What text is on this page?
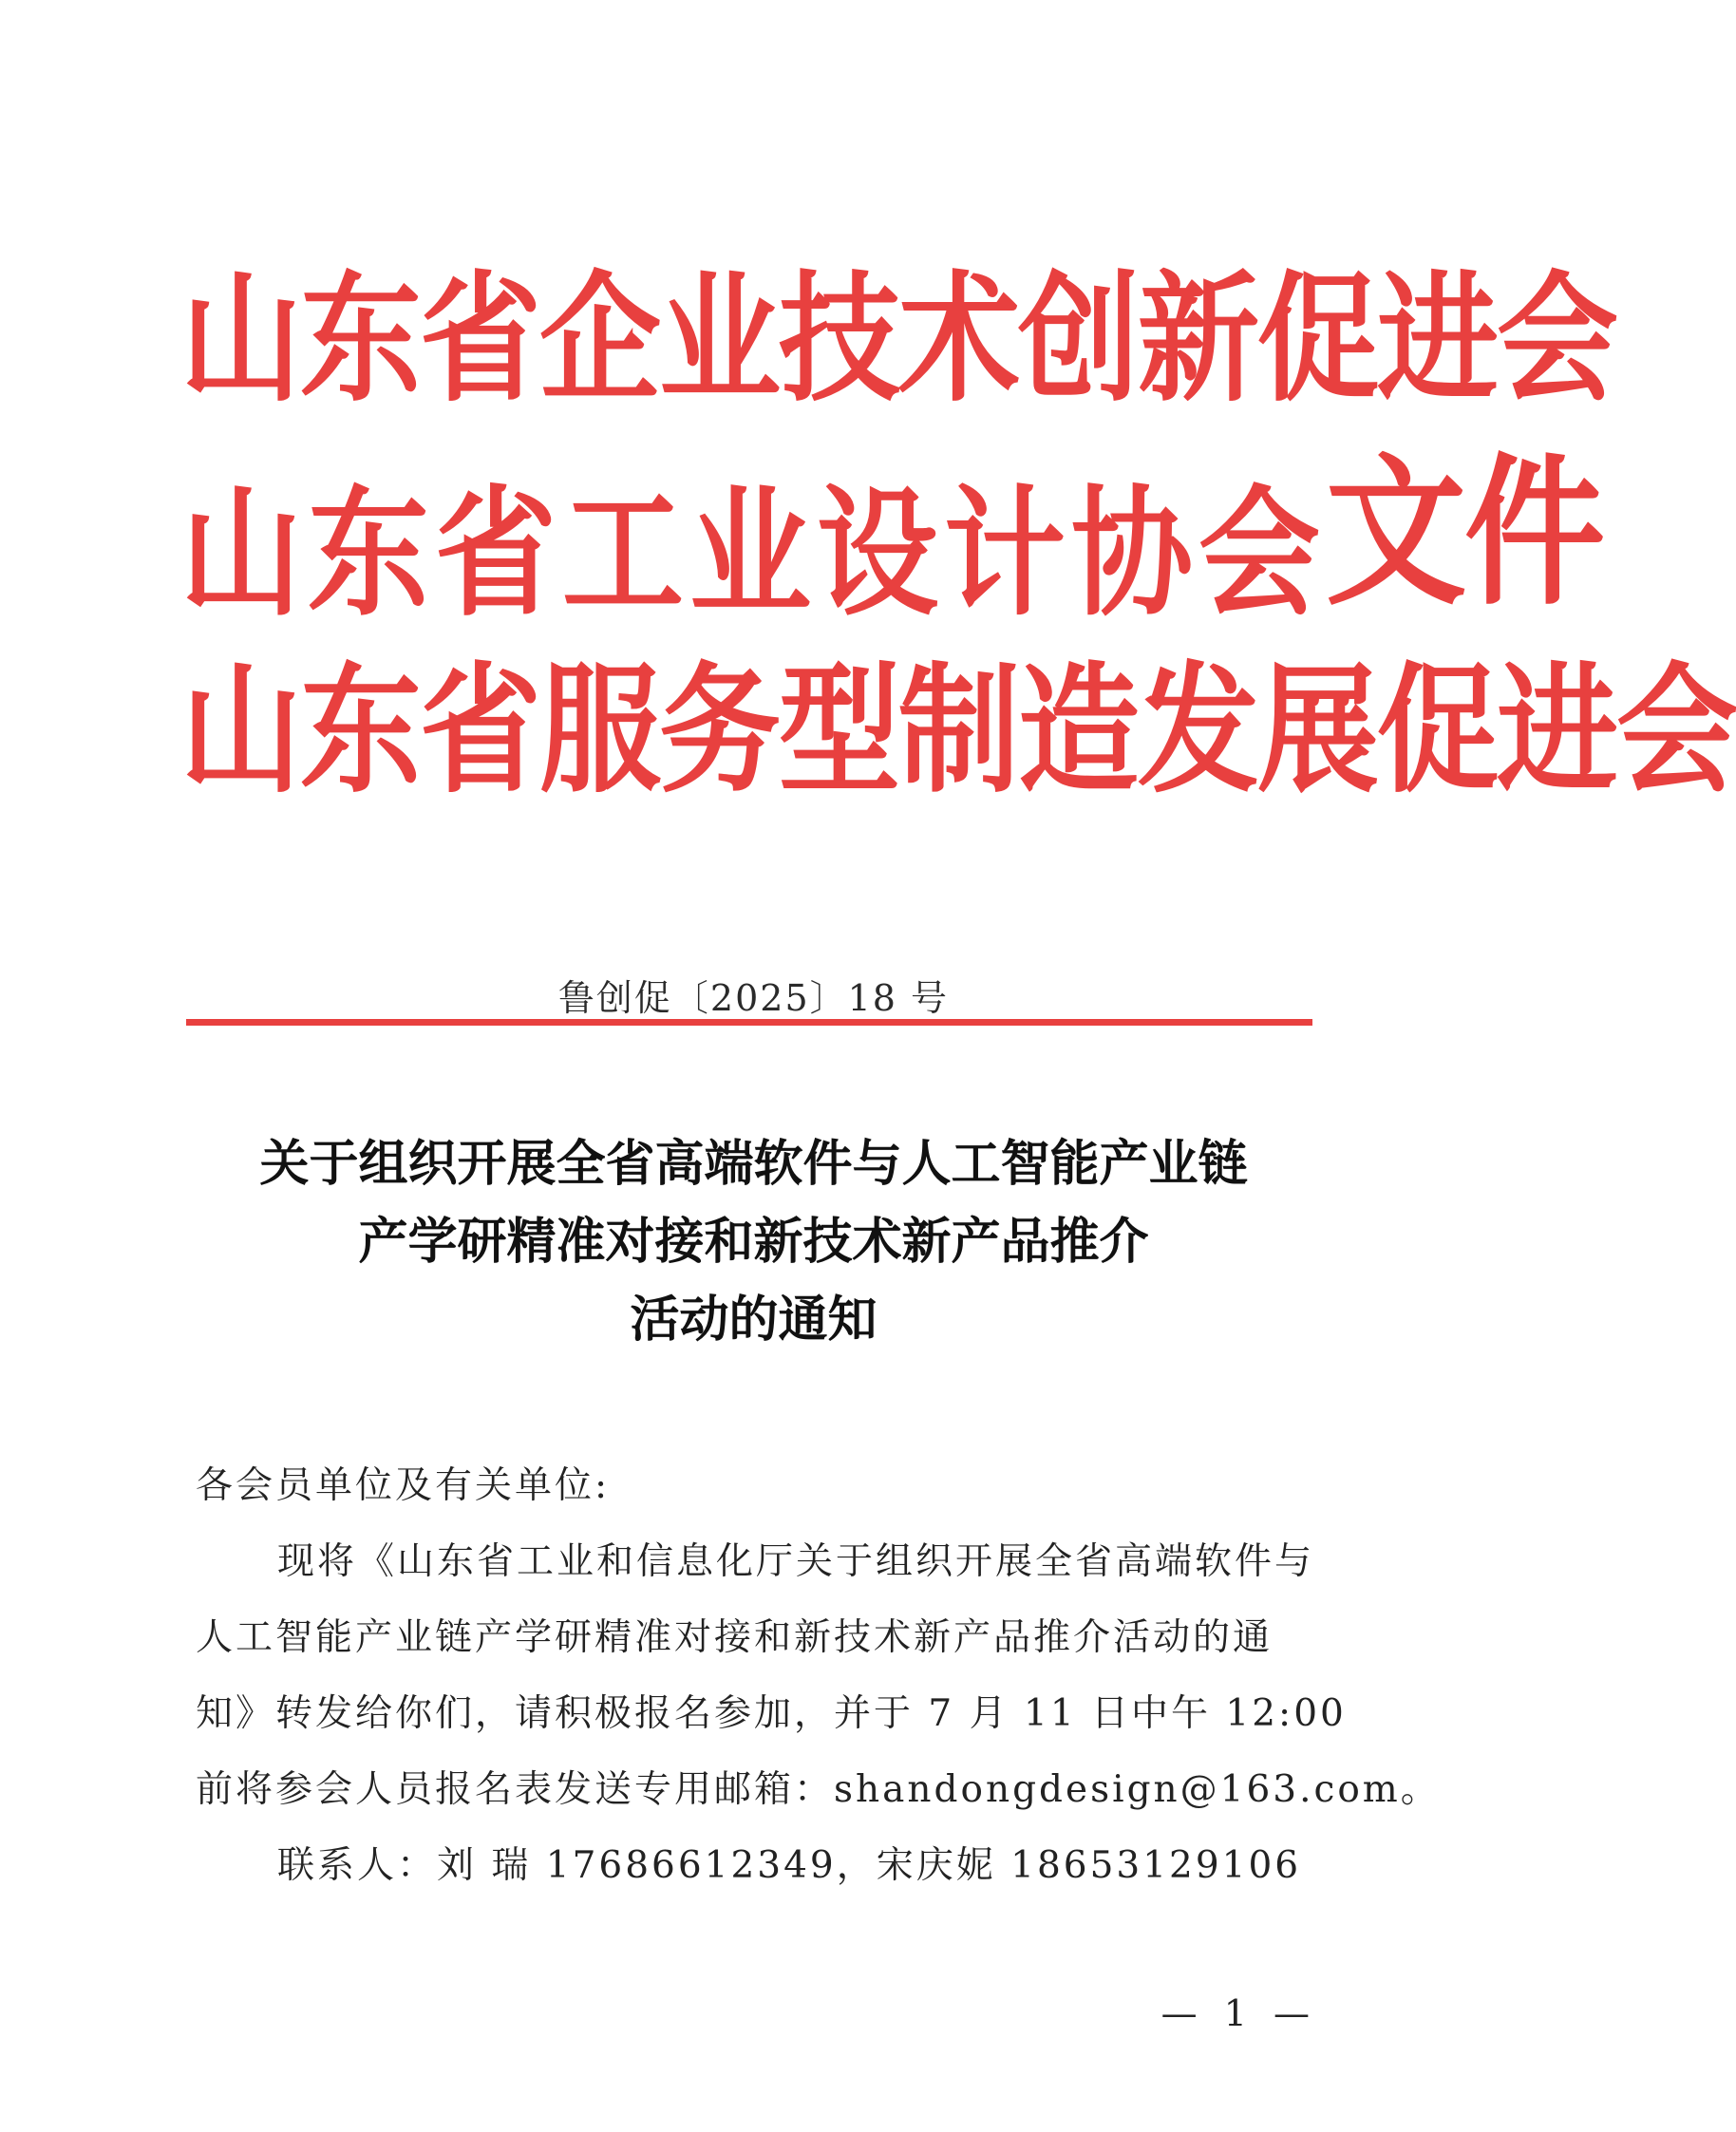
山东省企业技术创新促进会
山东省工业设计协会文件
山东省服务型制造发展促进会
鲁创促〔2025〕18 号
关于组织开展全省高端软件与人工智能产业链
产学研精准对接和新技术新产品推介
活动的通知

各会员单位及有关单位:

现将《山东省工业和信息化厅关于组织开展全省高端软件与

人工智能产业链产学研精准对接和新技术新产品推介活动的通

知》转发给你们，请积极报名参加，并于 7 月 11 日中午 12:00

前将参会人员报名表发送专用邮箱：shandongdesign@163.com。

联系人：刘 瑞 17686612349，宋庆妮 18653129106

— 1 —
